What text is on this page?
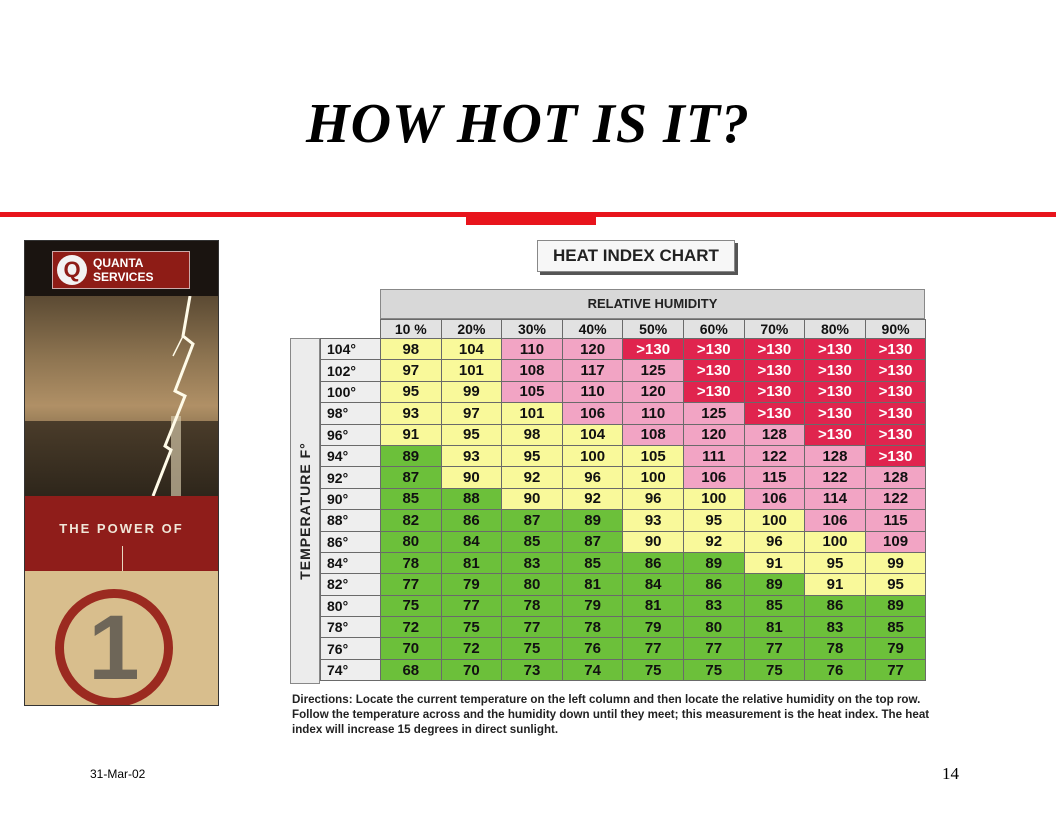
HOW HOT IS IT?
Q	QUANTA
SERVICES
THE POWER OF
1
HEAT INDEX CHART
RELATIVE HUMIDITY
TEMPERATURE F°
	10 %	20%	30%	40%	50%	60%	70%	80%	90%
104°	98	104	110	120	>130	>130	>130	>130	>130
102°	97	101	108	117	125	>130	>130	>130	>130
100°	95	99	105	110	120	>130	>130	>130	>130
98°	93	97	101	106	110	125	>130	>130	>130
96°	91	95	98	104	108	120	128	>130	>130
94°	89	93	95	100	105	111	122	128	>130
92°	87	90	92	96	100	106	115	122	128
90°	85	88	90	92	96	100	106	114	122
88°	82	86	87	89	93	95	100	106	115
86°	80	84	85	87	90	92	96	100	109
84°	78	81	83	85	86	89	91	95	99
82°	77	79	80	81	84	86	89	91	95
80°	75	77	78	79	81	83	85	86	89
78°	72	75	77	78	79	80	81	83	85
76°	70	72	75	76	77	77	77	78	79
74°	68	70	73	74	75	75	75	76	77
Directions: Locate the current temperature on the left column and then locate the relative humidity on the top row. Follow the temperature across and the humidity down until they meet; this measurement is the heat index. The heat index will increase 15 degrees in direct sunlight.
31-Mar-02	14
